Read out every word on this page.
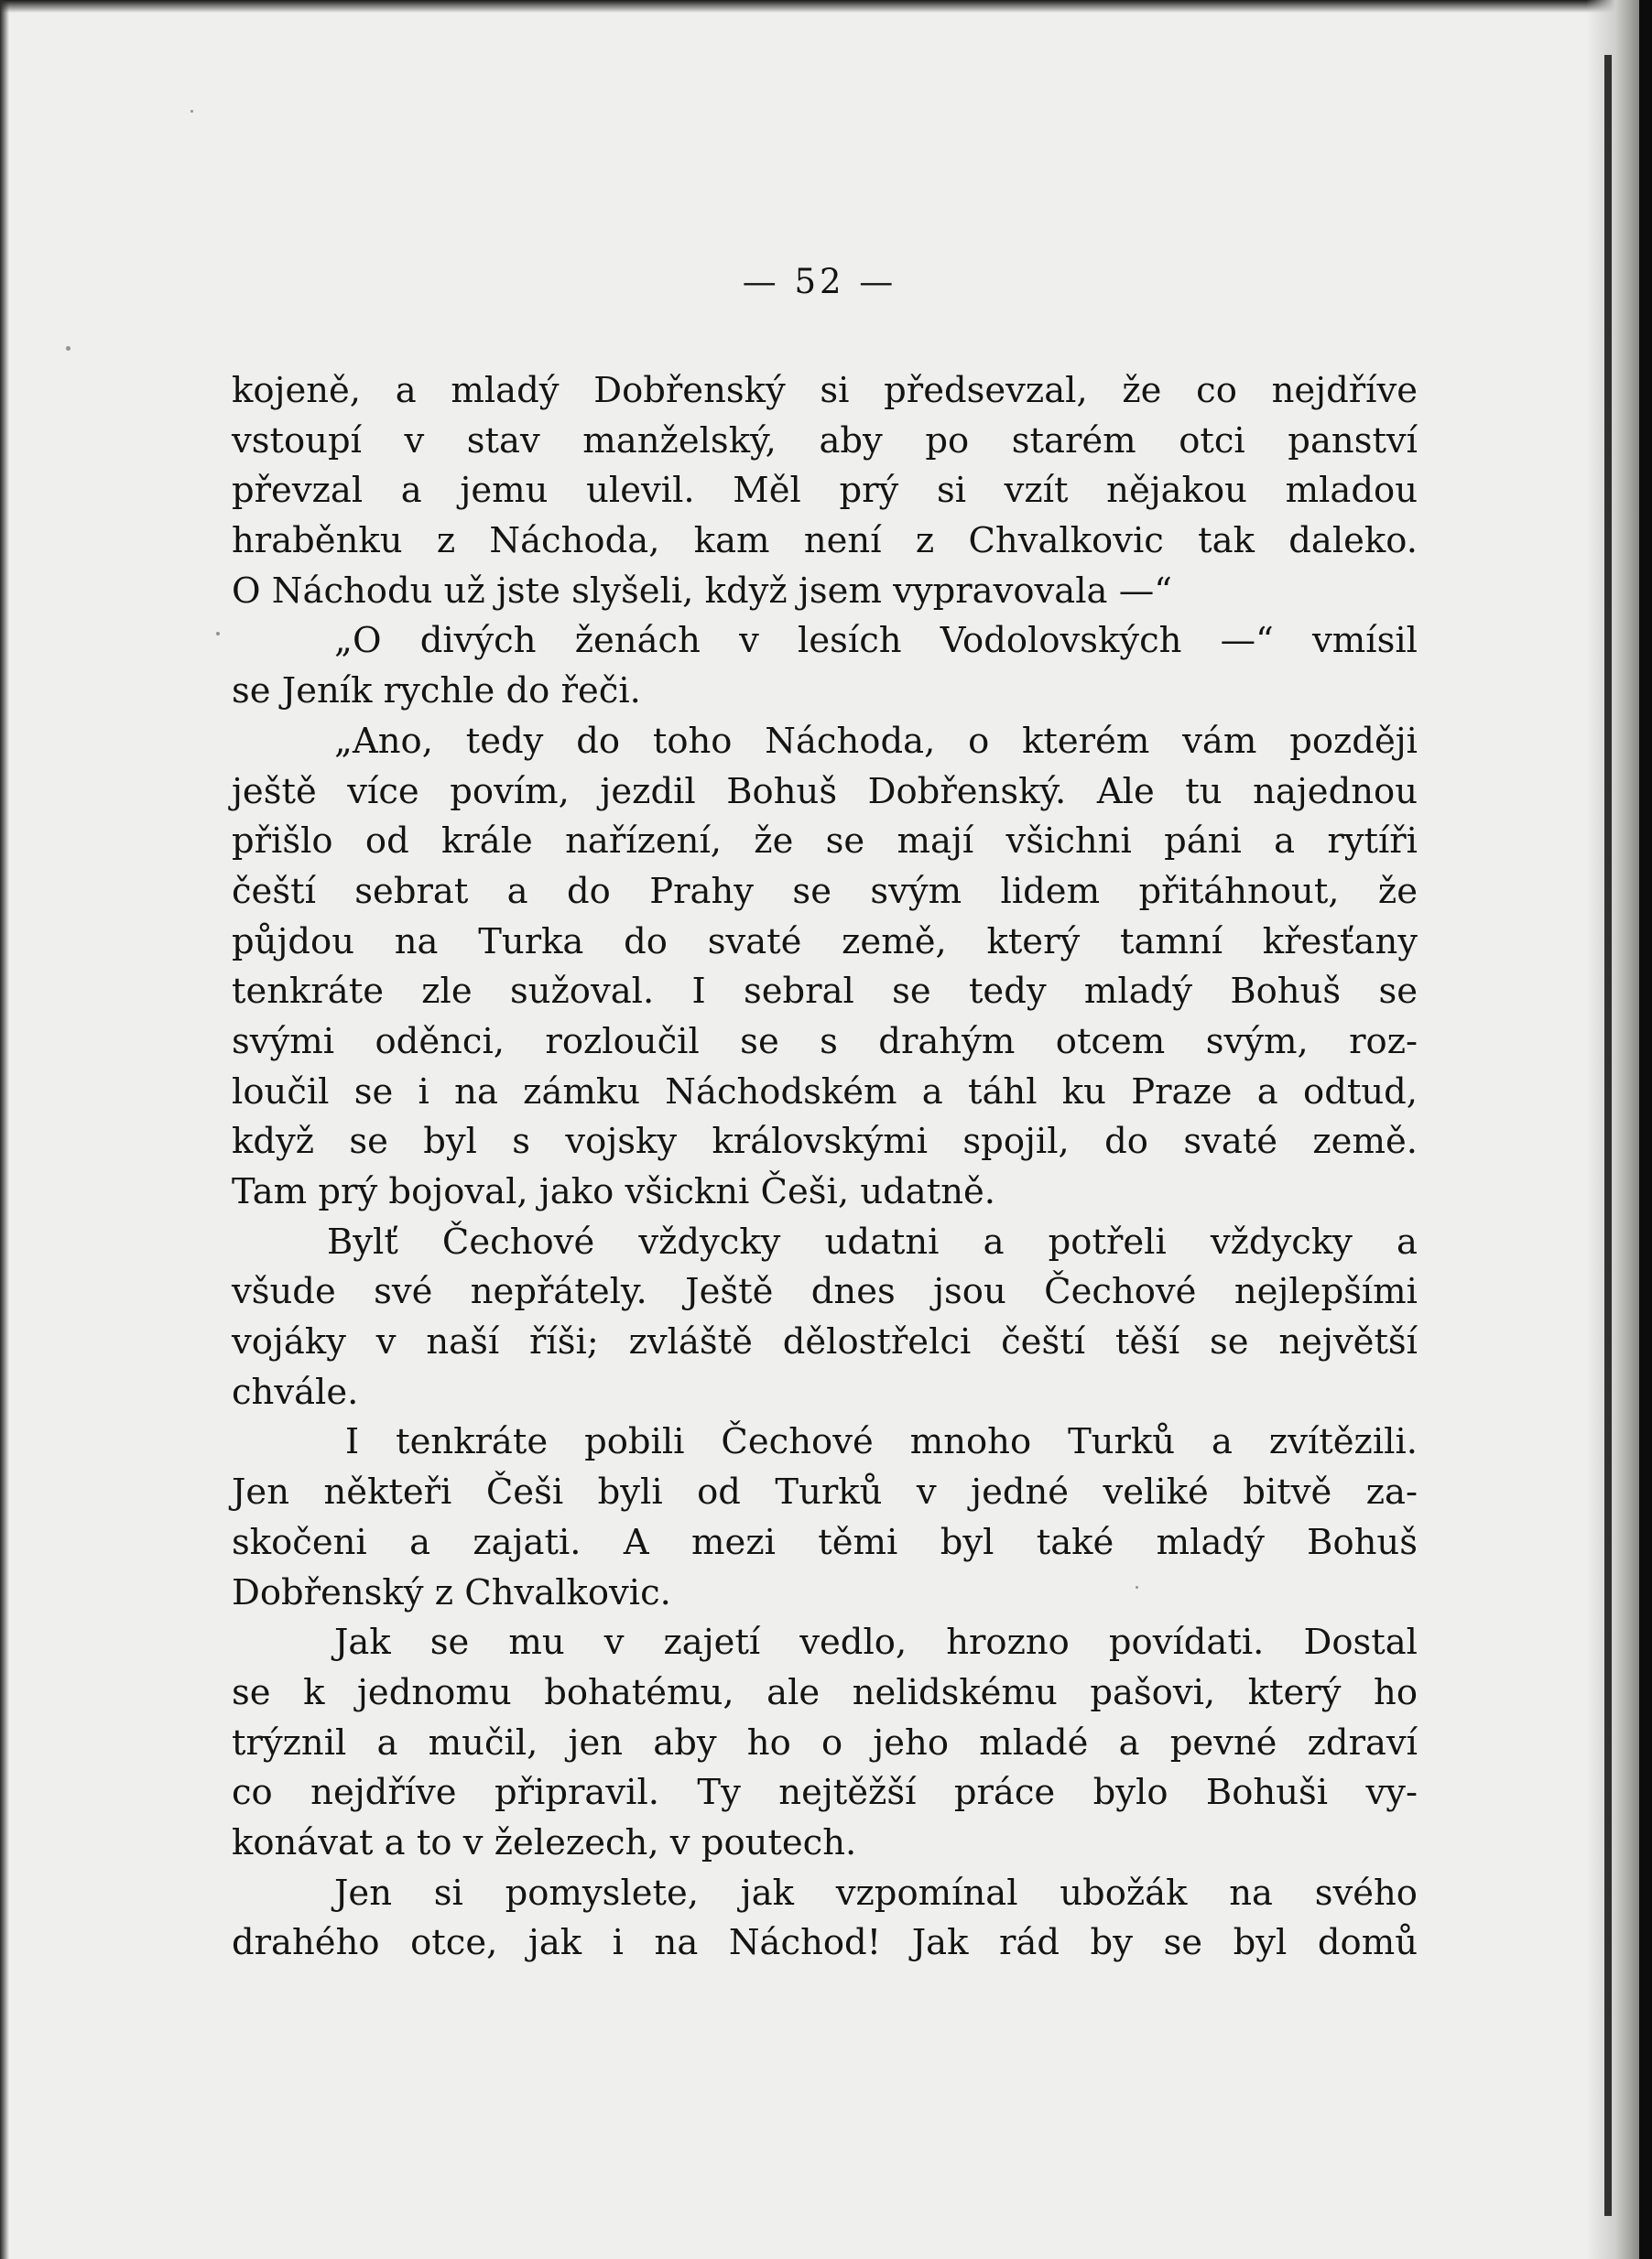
— 52 —
kojeně, a mladý Dobřenský si předsevzal, že co nejdříve
vstoupí v stav manželský, aby po starém otci panství
převzal a jemu ulevil. Měl prý si vzít nějakou mladou
hraběnku z Náchoda, kam není z Chvalkovic tak daleko.
O Náchodu už jste slyšeli, když jsem vypravovala —“
„O divých ženách v lesích Vodolovských —“ vmísil
se Jeník rychle do řeči.
„Ano, tedy do toho Náchoda, o kterém vám později
ještě více povím, jezdil Bohuš Dobřenský. Ale tu najednou
přišlo od krále nařízení, že se mají všichni páni a rytíři
čeští sebrat a do Prahy se svým lidem přitáhnout, že
půjdou na Turka do svaté země, který tamní křesťany
tenkráte zle sužoval. I sebral se tedy mladý Bohuš se
svými oděnci, rozloučil se s drahým otcem svým, roz-
loučil se i na zámku Náchodském a táhl ku Praze a odtud,
když se byl s vojsky královskými spojil, do svaté země.
Tam prý bojoval, jako všickni Češi, udatně.
Bylť Čechové vždycky udatni a potřeli vždycky a
všude své nepřátely. Ještě dnes jsou Čechové nejlepšími
vojáky v naší říši; zvláště dělostřelci čeští těší se největší
chvále.
I tenkráte pobili Čechové mnoho Turků a zvítězili.
Jen někteři Češi byli od Turků v jedné veliké bitvě za-
skočeni a zajati. A mezi těmi byl také mladý Bohuš
Dobřenský z Chvalkovic.
Jak se mu v zajetí vedlo, hrozno povídati. Dostal
se k jednomu bohatému, ale nelidskému pašovi, který ho
trýznil a mučil, jen aby ho o jeho mladé a pevné zdraví
co nejdříve připravil. Ty nejtěžší práce bylo Bohuši vy-
konávat a to v železech, v poutech.
Jen si pomyslete, jak vzpomínal ubožák na svého
drahého otce, jak i na Náchod! Jak rád by se byl domů
